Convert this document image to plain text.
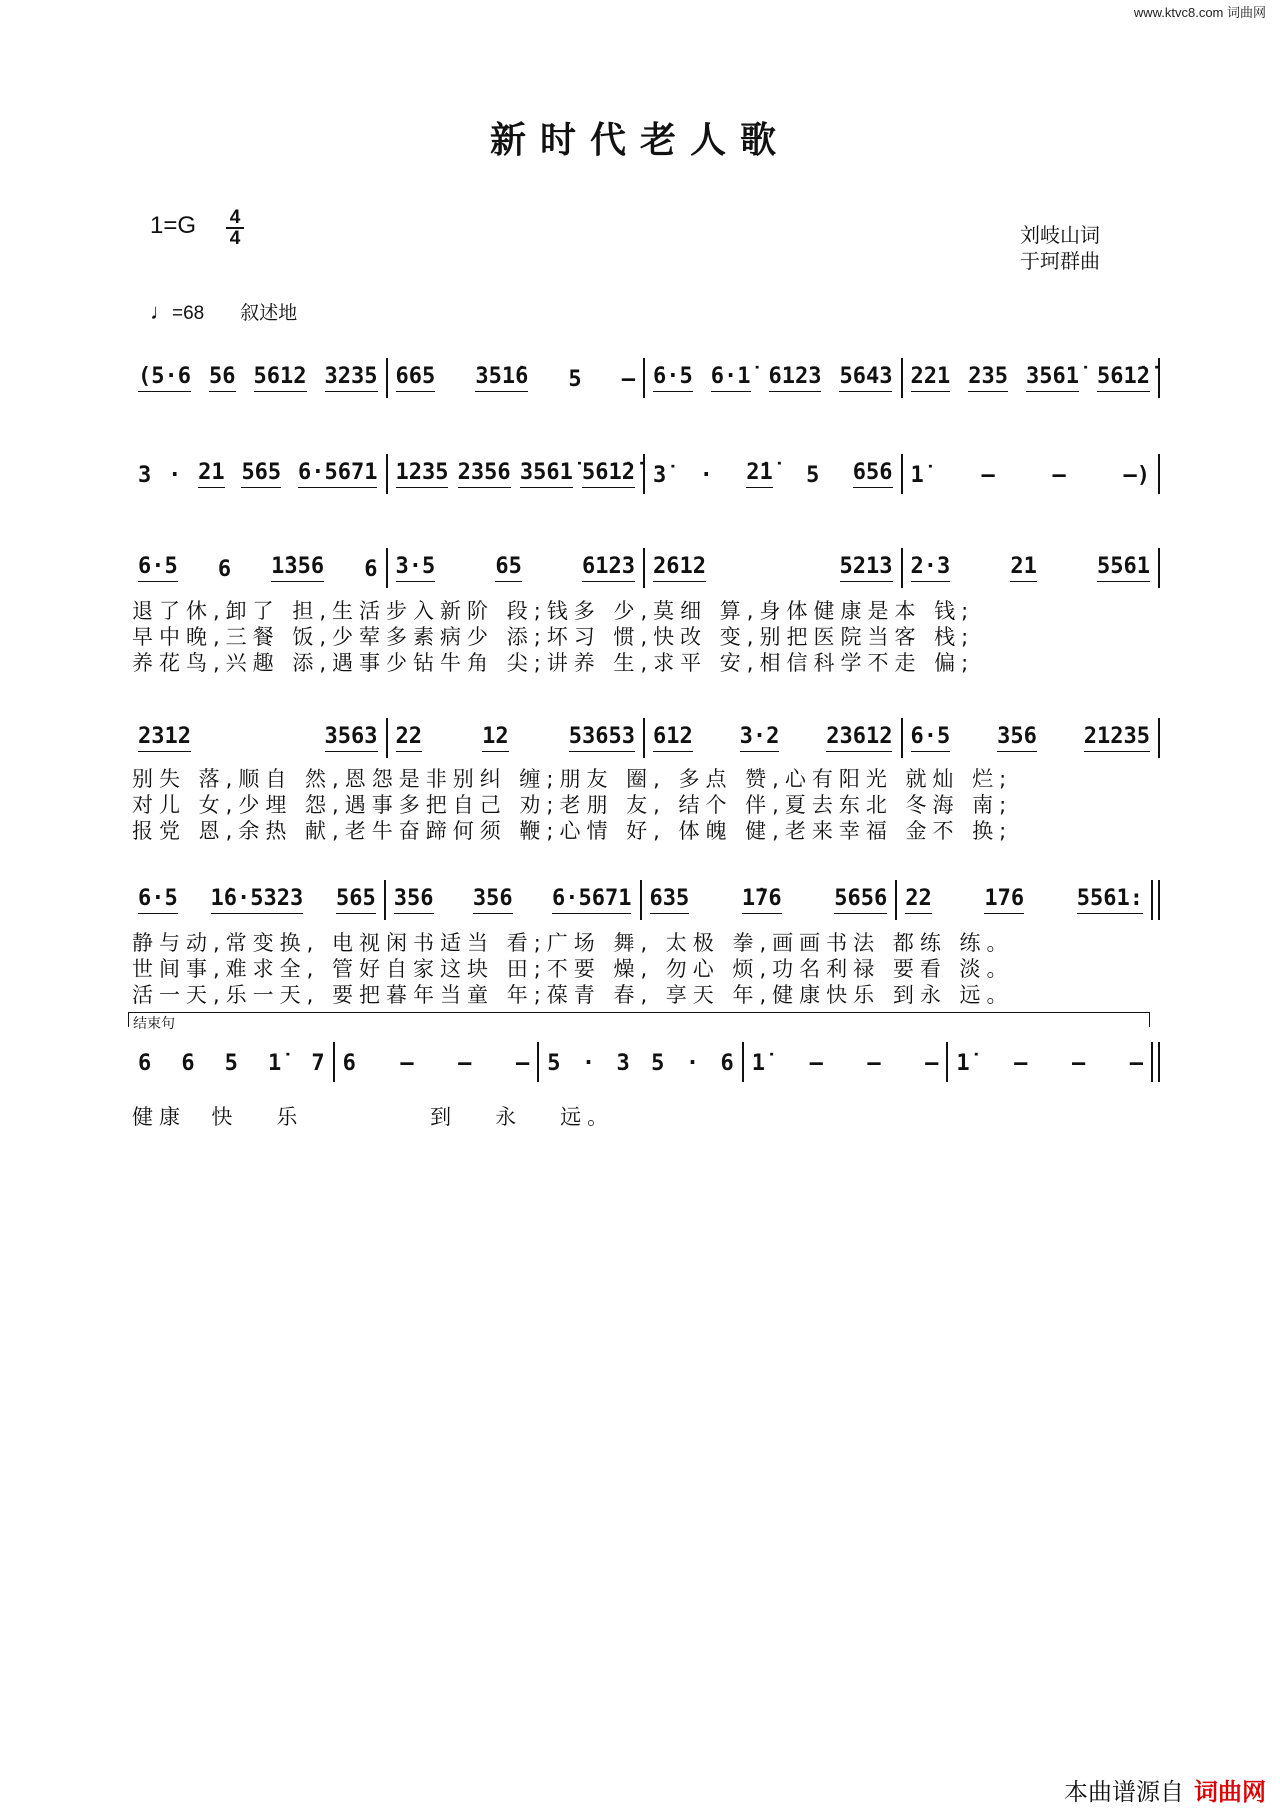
www.ktvc8.com 词曲网
新时代老人歌
1=G 4
4	刘岐山词
于珂群曲
♩=68 叙述地
(5·6 56 5612 3235 665 351̇6 5 – 6·5 6·1̇ 6123 5643 221 235 3561̇ 561̇2̇
3 · 21 565 6·5671 1235 2356 3561̇ 561̇2̇ 3̇ · 2̇1̇ 5 656 1̇	–	–	–)
6·5 6 1̇356 6 3·5	65	6123 2612	5213 2·3	21	5561
退了休,卸了 担,生活步入新阶 段;钱多 少,莫细 算,身体健康是本 钱;
早中晚,三餐 饭,少荤多素病少 添;坏习 惯,快改 变,别把医院当客 栈;
养花鸟,兴趣 添,遇事少钻牛角 尖;讲养 生,求平 安,相信科学不走 偏;
2312	3563 22	12	53653 612 3·2 23612 6·5 356 21235
别失 落,顺自 然,恩怨是非别纠 缠;朋友 圈, 多点 赞,心有阳光 就灿 烂;
对儿 女,少埋 怨,遇事多把自己 劝;老朋 友, 结个 伴,夏去东北 冬海 南;
报党 恩,余热 献,老牛奋蹄何须 鞭;心情 好, 体魄 健,老来幸福 金不 换;
6·5 1̇6·5323 565 356 356 6·5671 635 1̇76 5656 22 176 5561:
静与动,常变换, 电视闲书适当 看;广场 舞, 太极 拳,画画书法 都练 练。
世间事,难求全, 管好自家这块 田;不要 燥, 勿心 烦,功名利禄 要看 淡。
活一天,乐一天, 要把暮年当童 年;葆青 春, 享天 年,健康快乐 到永 远。
结束句
6 6 5 1̇ 7 6 – – – 5 · 3 5 · 6 1̇ – – – 1̇ – – –
健康  快   乐          到   永   远。
本曲谱源自 词曲网
